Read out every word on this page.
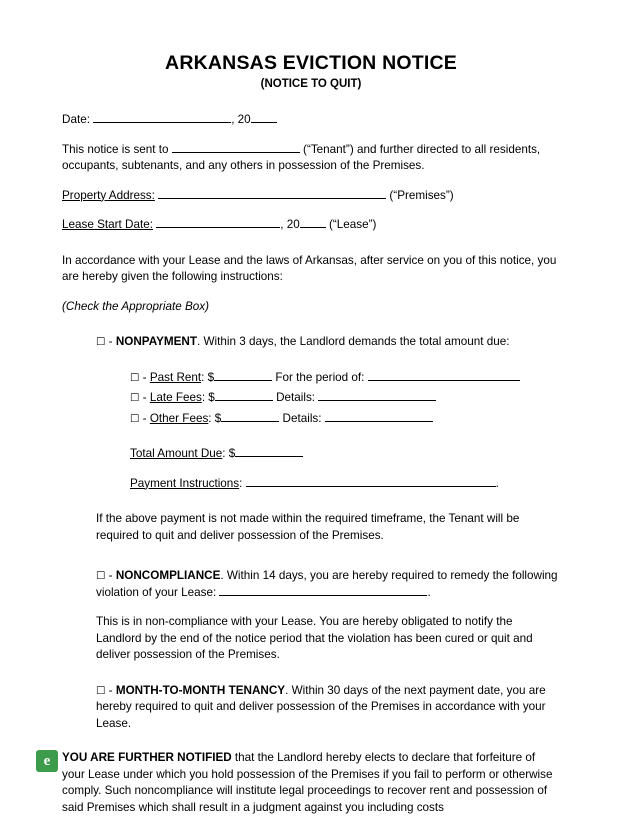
ARKANSAS EVICTION NOTICE
(NOTICE TO QUIT)
Date:	, 20
This notice is sent to	(“Tenant”) and further directed to all residents, occupants, subtenants, and any others in possession of the Premises.
Property Address:	(“Premises”)
Lease Start Date:	, 20	(“Lease”)
In accordance with your Lease and the laws of Arkansas, after service on you of this notice, you are hereby given the following instructions:
(Check the Appropriate Box)
☐ - NONPAYMENT. Within 3 days, the Landlord demands the total amount due:
☐ - Past Rent: $	For the period of:
☐ - Late Fees: $	Details:
☐ - Other Fees: $	Details:
Total Amount Due: $
Payment Instructions:	.
If the above payment is not made within the required timeframe, the Tenant will be required to quit and deliver possession of the Premises.
☐ - NONCOMPLIANCE. Within 14 days, you are hereby required to remedy the following violation of your Lease:	.
This is in non-compliance with your Lease. You are hereby obligated to notify the Landlord by the end of the notice period that the violation has been cured or quit and deliver possession of the Premises.
☐ - MONTH-TO-MONTH TENANCY. Within 30 days of the next payment date, you are hereby required to quit and deliver possession of the Premises in accordance with your Lease.
YOU ARE FURTHER NOTIFIED that the Landlord hereby elects to declare that forfeiture of your Lease under which you hold possession of the Premises if you fail to perform or otherwise comply. Such noncompliance will institute legal proceedings to recover rent and possession of said Premises which shall result in a judgment against you including costs
e
